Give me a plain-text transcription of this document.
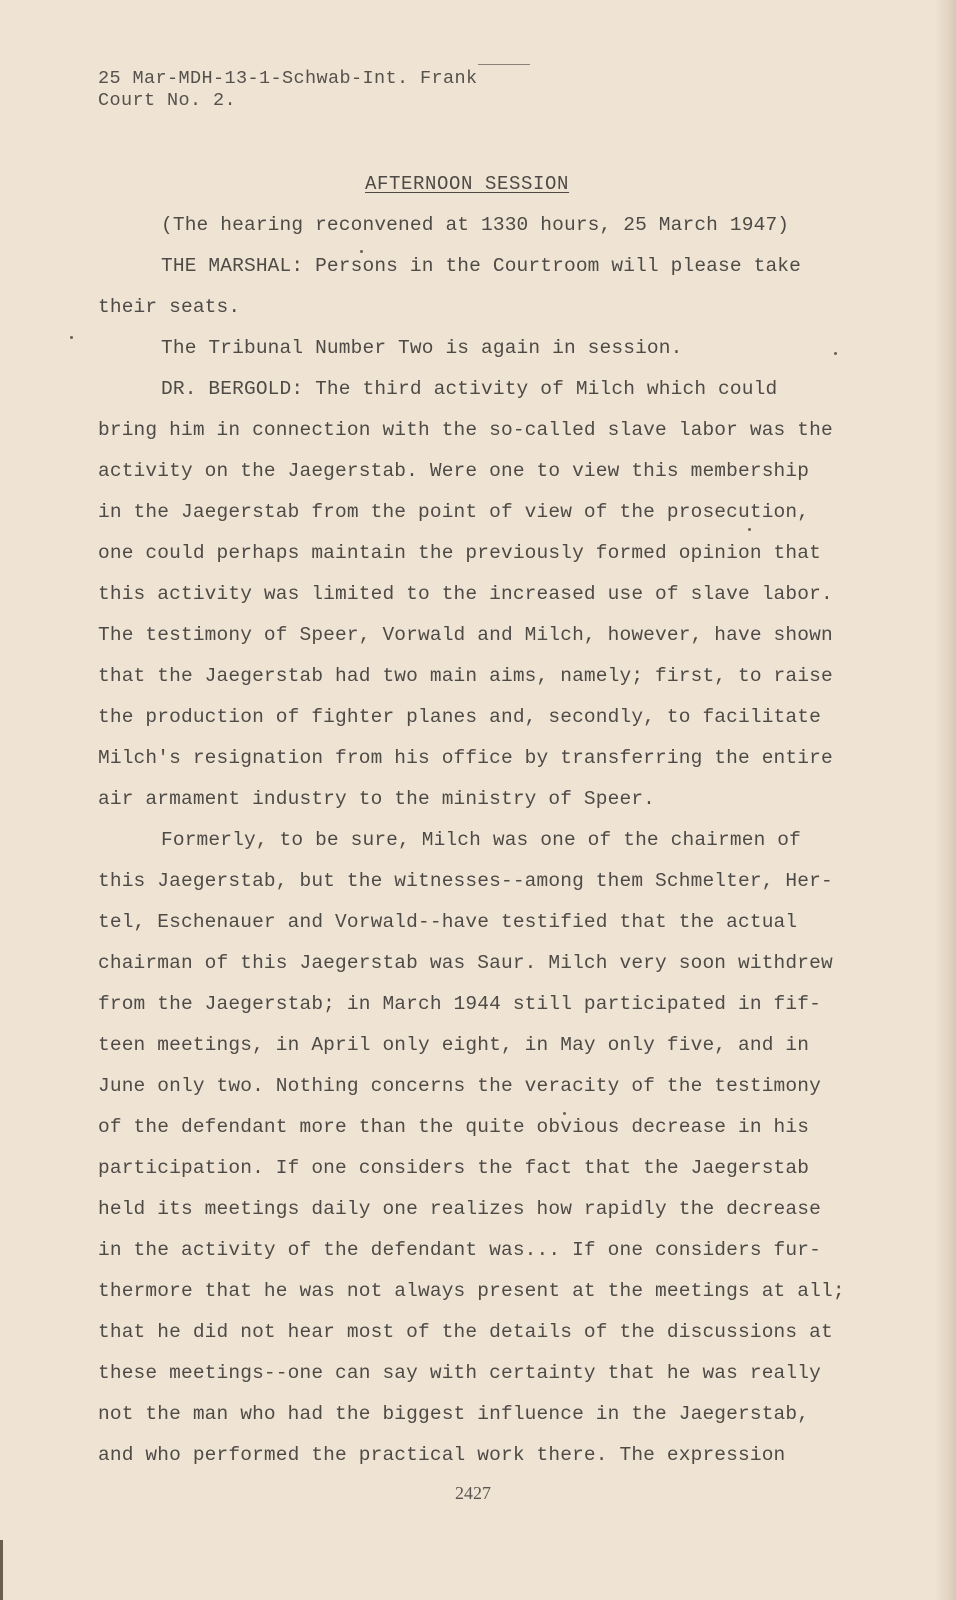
25 Mar-MDH-13-1-Schwab-Int. Frank
Court No. 2.
AFTERNOON SESSION
(The hearing reconvened at 1330 hours, 25 March 1947)
THE MARSHAL: Persons in the Courtroom will please take
their seats.
The Tribunal Number Two is again in session.
DR. BERGOLD: The third activity of Milch which could
bring him in connection with the so-called slave labor was the
activity on the Jaegerstab. Were one to view this membership
in the Jaegerstab from the point of view of the prosecution,
one could perhaps maintain the previously formed opinion that
this activity was limited to the increased use of slave labor.
The testimony of Speer, Vorwald and Milch, however, have shown
that the Jaegerstab had two main aims, namely; first, to raise
the production of fighter planes and, secondly, to facilitate
Milch's resignation from his office by transferring the entire
air armament industry to the ministry of Speer.
Formerly, to be sure, Milch was one of the chairmen of
this Jaegerstab, but the witnesses--among them Schmelter, Her-
tel, Eschenauer and Vorwald--have testified that the actual
chairman of this Jaegerstab was Saur. Milch very soon withdrew
from the Jaegerstab; in March 1944 still participated in fif-
teen meetings, in April only eight, in May only five, and in
June only two. Nothing concerns the veracity of the testimony
of the defendant more than the quite obvious decrease in his
participation. If one considers the fact that the Jaegerstab
held its meetings daily one realizes how rapidly the decrease
in the activity of the defendant was... If one considers fur-
thermore that he was not always present at the meetings at all;
that he did not hear most of the details of the discussions at
these meetings--one can say with certainty that he was really
not the man who had the biggest influence in the Jaegerstab,
and who performed the practical work there. The expression
2427
